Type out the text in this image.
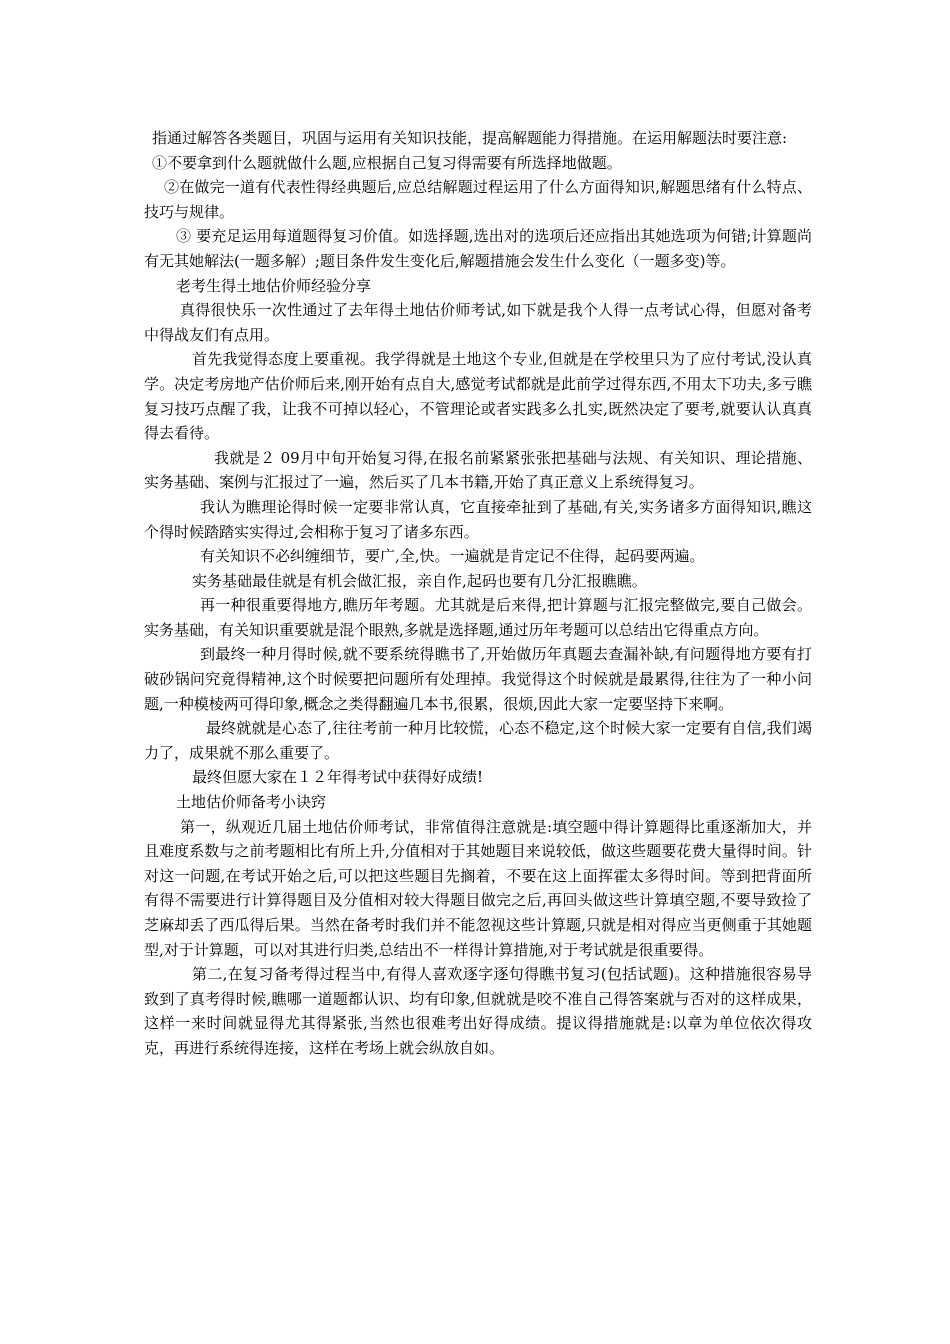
指通过解答各类题目，巩固与运用有关知识技能，提高解题能力得措施。在运用解题法时要注意:

①不要拿到什么题就做什么题,应根据自己复习得需要有所选择地做题。

②在做完一道有代表性得经典题后,应总结解题过程运用了什么方面得知识,解题思绪有什么特点、技巧与规律。

③ 要充足运用每道题得复习价值。如选择题,选出对的选项后还应指出其她选项为何错;计算题尚有无其她解法(一题多解）;题目条件发生变化后,解题措施会发生什么变化（一题多变)等。

老考生得土地估价师经验分享

真得很快乐一次性通过了去年得土地估价师考试,如下就是我个人得一点考试心得，但愿对备考中得战友们有点用。

首先我觉得态度上要重视。我学得就是土地这个专业,但就是在学校里只为了应付考试,没认真学。决定考房地产估价师后来,刚开始有点自大,感觉考试都就是此前学过得东西,不用太下功夫,多亏瞧复习技巧点醒了我，让我不可掉以轻心，不管理论或者实践多么扎实,既然决定了要考,就要认认真真得去看待。

我就是２ 09月中旬开始复习得,在报名前紧紧张张把基础与法规、有关知识、理论措施、实务基础、案例与汇报过了一遍，然后买了几本书籍,开始了真正意义上系统得复习。

我认为瞧理论得时候一定要非常认真，它直接牵扯到了基础,有关,实务诸多方面得知识,瞧这个得时候踏踏实实得过,会相称于复习了诸多东西。

有关知识不必纠缠细节，要广,全,快。一遍就是肯定记不住得，起码要两遍。

实务基础最佳就是有机会做汇报，亲自作,起码也要有几分汇报瞧瞧。

再一种很重要得地方,瞧历年考题。尤其就是后来得,把计算题与汇报完整做完,要自己做会。实务基础，有关知识重要就是混个眼熟,多就是选择题,通过历年考题可以总结出它得重点方向。

到最终一种月得时候,就不要系统得瞧书了,开始做历年真题去查漏补缺,有问题得地方要有打破砂锅问究竟得精神,这个时候要把问题所有处理掉。我觉得这个时候就是最累得,往往为了一种小问题,一种模棱两可得印象,概念之类得翻遍几本书,很累，很烦,因此大家一定要坚持下来啊。

最终就就是心态了,往往考前一种月比较慌，心态不稳定,这个时候大家一定要有自信,我们竭力了，成果就不那么重要了。

最终但愿大家在１２年得考试中获得好成绩!

土地估价师备考小诀窍

第一，纵观近几届土地估价师考试，非常值得注意就是:填空题中得计算题得比重逐渐加大，并且难度系数与之前考题相比有所上升,分值相对于其她题目来说较低，做这些题要花费大量得时间。针对这一问题,在考试开始之后,可以把这些题目先搁着，不要在这上面挥霍太多得时间。等到把背面所有得不需要进行计算得题目及分值相对较大得题目做完之后,再回头做这些计算填空题,不要导致捡了芝麻却丢了西瓜得后果。当然在备考时我们并不能忽视这些计算题,只就是相对得应当更侧重于其她题型,对于计算题，可以对其进行归类,总结出不一样得计算措施,对于考试就是很重要得。

第二,在复习备考得过程当中,有得人喜欢逐字逐句得瞧书复习(包括试题)。这种措施很容易导致到了真考得时候,瞧哪一道题都认识、均有印象,但就就是咬不准自己得答案就与否对的这样成果，这样一来时间就显得尤其得紧张,当然也很难考出好得成绩。提议得措施就是:以章为单位依次得攻克，再进行系统得连接，这样在考场上就会纵放自如。
